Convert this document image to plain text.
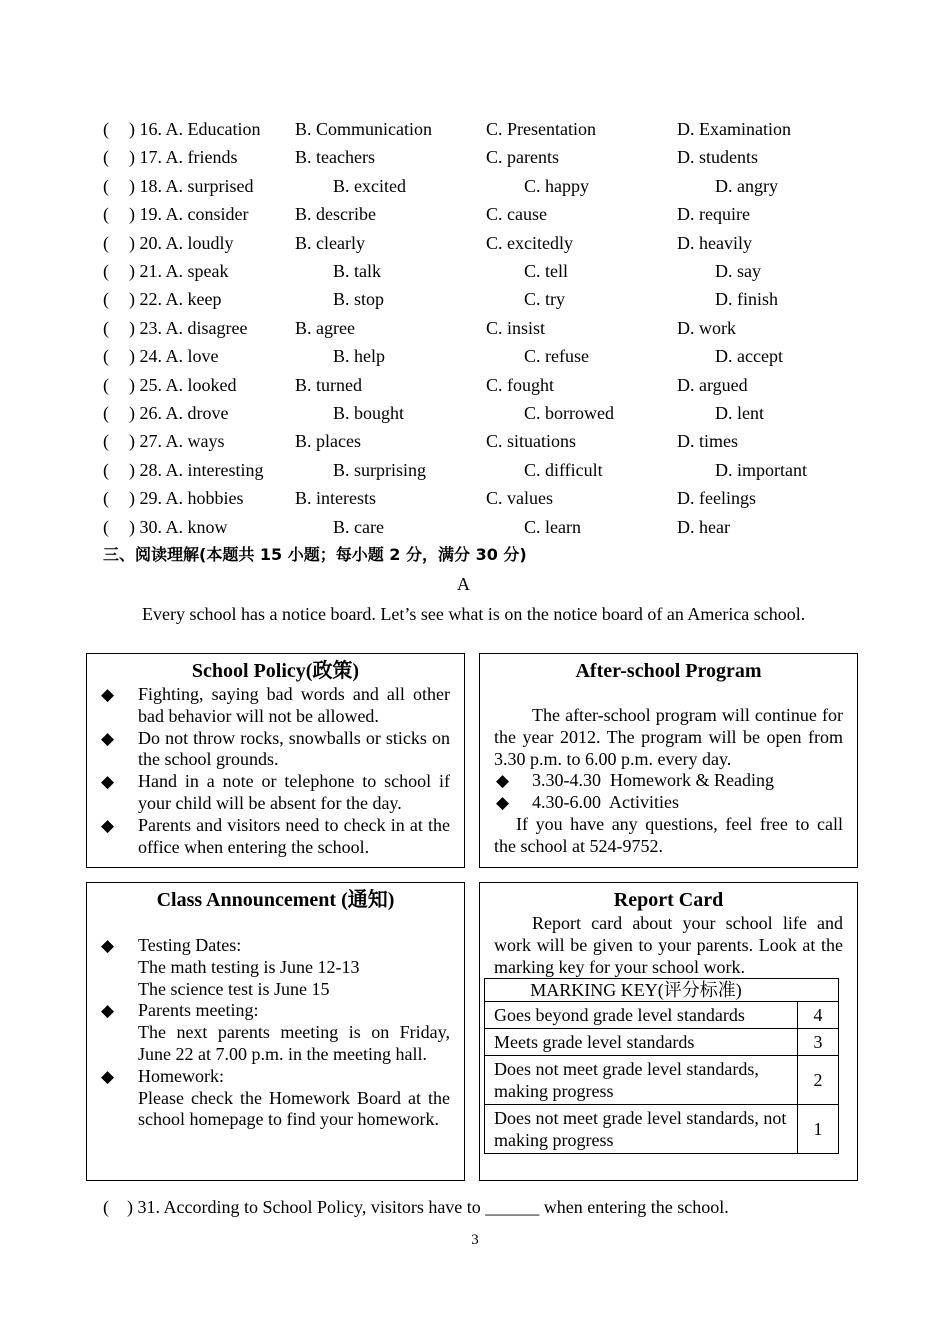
( ) 16. A. Education B. Communication	C. Presentation	D. Examination
( ) 17. A. friends	B. teachers	C. parents	D. students
( ) 18. A. surprised	B. excited	C. happy	D. angry
( ) 19. A. consider	B. describe	C. cause	D. require
( ) 20. A. loudly	B. clearly	C. excitedly	D. heavily
( ) 21. A. speak	B. talk	C. tell	D. say
( ) 22. A. keep	B. stop	C. try	D. finish
( ) 23. A. disagree	B. agree	C. insist	D. work
( ) 24. A. love	B. help	C. refuse	D. accept
( ) 25. A. looked	B. turned	C. fought	D. argued
( ) 26. A. drove	B. bought	C. borrowed	D. lent
( ) 27. A. ways	B. places	C. situations	D. times
( ) 28. A. interesting	B. surprising	C. difficult	D. important
( ) 29. A. hobbies	B. interests	C. values	D. feelings
( ) 30. A. know	B. care	C. learn	D. hear
三、阅读理解(本题共 15 小题；每小题 2 分，满分 30 分)
A
Every school has a notice board. Let’s see what is on the notice board of an America school.
School Policy(政策)
◆ Fighting, saying bad words and all other bad behavior will not be allowed.
◆ Do not throw rocks, snowballs or sticks on the school grounds.
◆ Hand in a note or telephone to school if your child will be absent for the day.
◆ Parents and visitors need to check in at the office when entering the school.
After-school Program

The after-school program will continue for the year 2012. The program will be open from 3.30 p.m. to 6.00 p.m. every day.

◆ 3.30-4.30  Homework & Reading
◆ 4.30-6.00  Activities

If you have any questions, feel free to call the school at 524-9752.

Class Announcement (通知)
◆ Testing Dates:
The math testing is June 12-13
The science test is June 15
◆ Parents meeting:
The next parents meeting is on Friday, June 22 at 7.00 p.m. in the meeting hall.
◆ Homework:
Please check the Homework Board at the school homepage to find your homework.
Report Card

Report card about your school life and work will be given to your parents. Look at the marking key for your school work.

MARKING KEY(评分标准)	
Goes beyond grade level standards	4
Meets grade level standards	3
Does not meet grade level standards, making progress	2
Does not meet grade level standards, not making progress	1
(    ) 31. According to School Policy, visitors have to ______ when entering the school.
3
